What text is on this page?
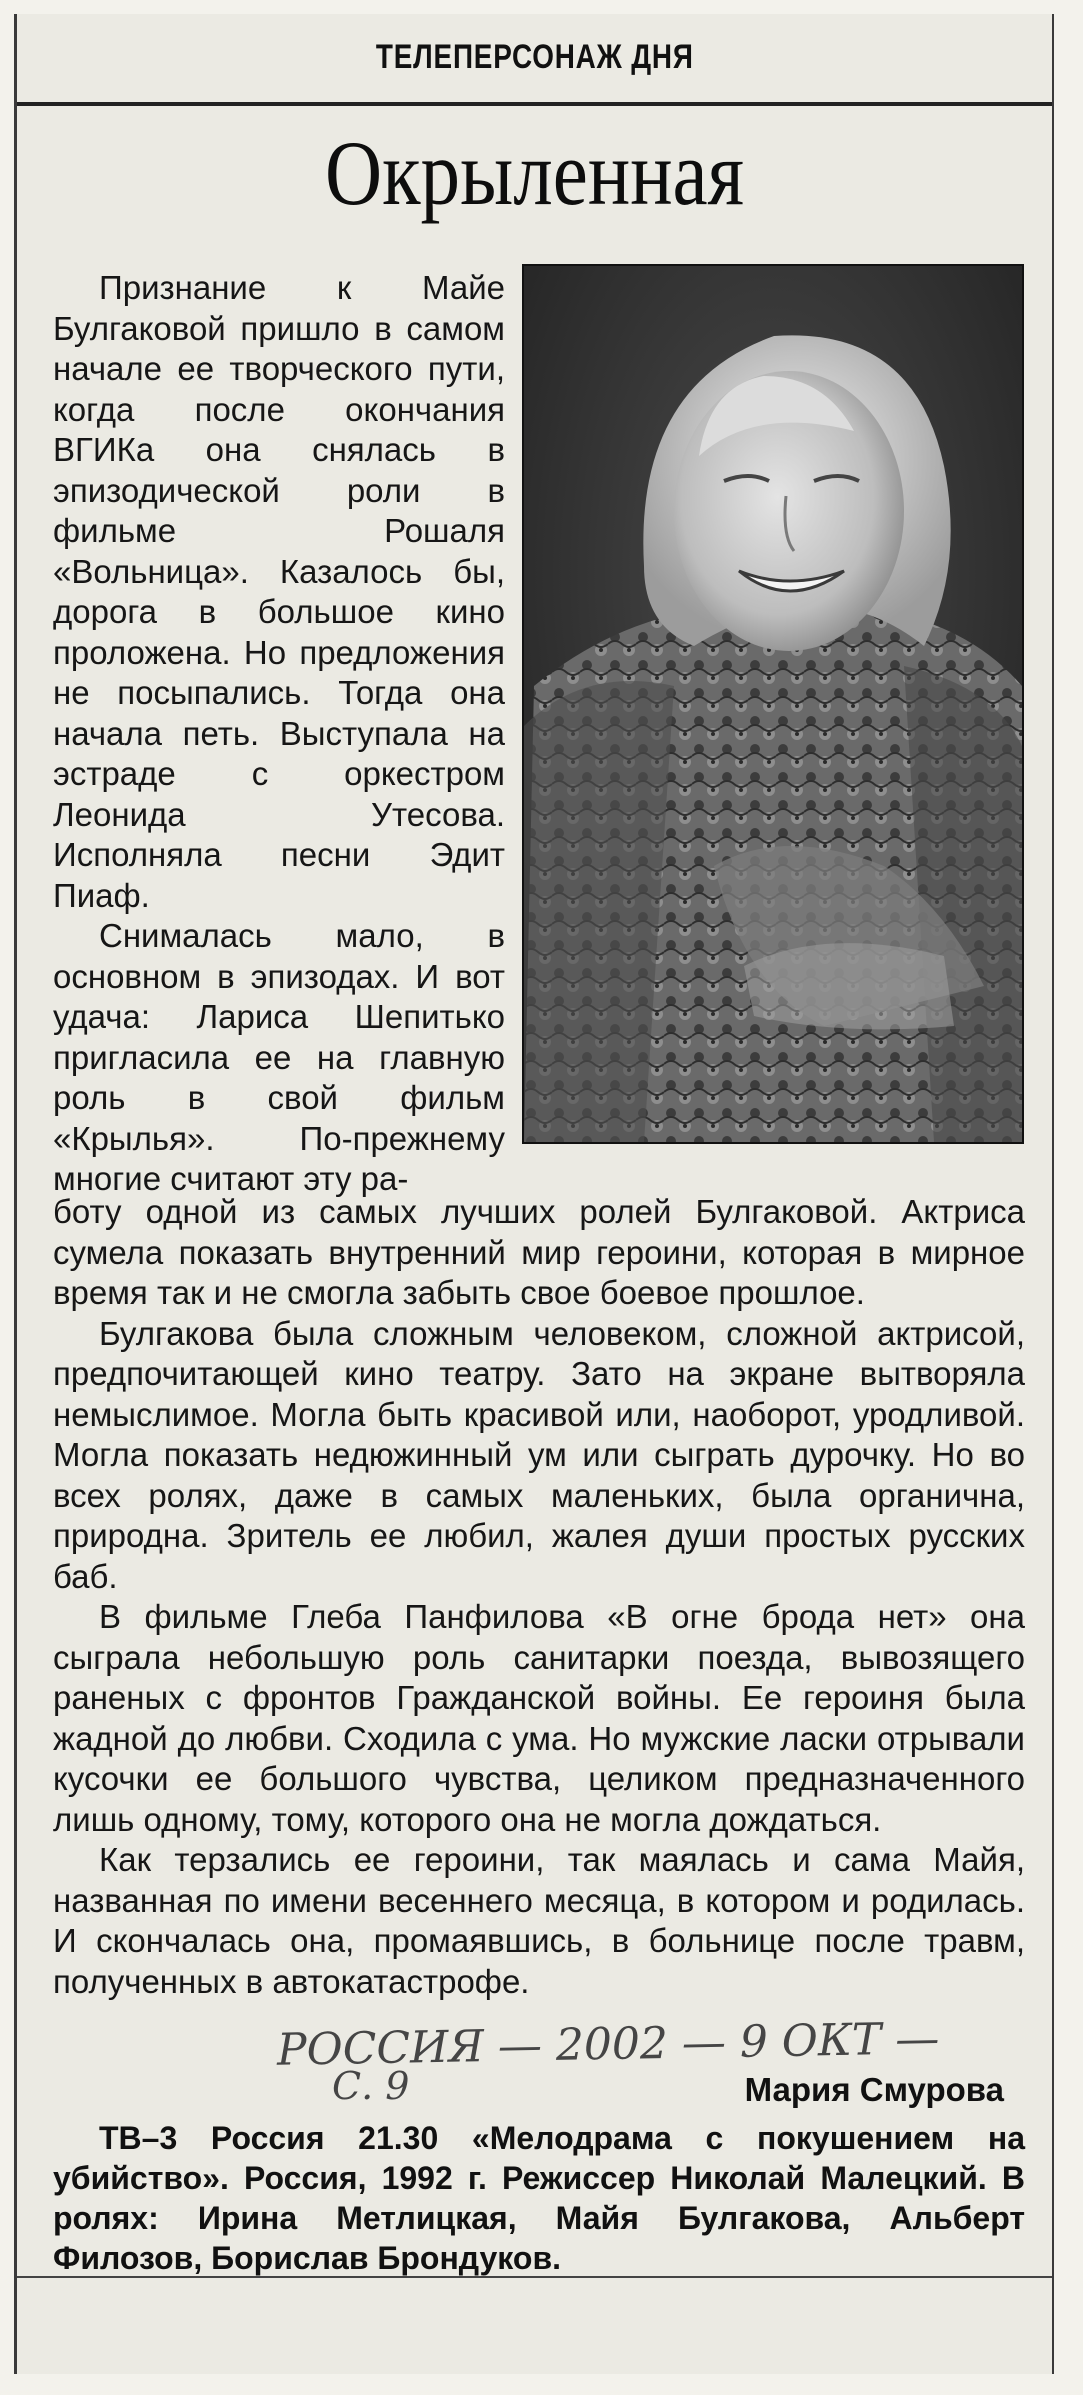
ТЕЛЕПЕРСОНАЖ ДНЯ
Окрыленная

Признание к Майе Булгаковой пришло в самом начале ее творческого пути, когда после окончания ВГИКа она снялась в эпизодической роли в фильме Рошаля «Вольница». Казалось бы, дорога в большое кино проложена. Но предложения не посыпались. Тогда она начала петь. Выступала на эстраде с оркестром Леонида Утесова. Исполняла песни Эдит Пиаф.

Снималась мало, в основном в эпизодах. И вот удача: Лариса Шепитько пригласила ее на главную роль в свой фильм «Крылья». По-прежнему многие считают эту ра-

боту одной из самых лучших ролей Булгаковой. Актриса сумела показать внутренний мир героини, которая в мирное время так и не смогла забыть свое боевое прошлое.

Булгакова была сложным человеком, сложной актрисой, предпочитающей кино театру. Зато на экране вытворяла немыслимое. Могла быть красивой или, наоборот, уродливой. Могла показать недюжинный ум или сыграть дурочку. Но во всех ролях, даже в самых маленьких, была органична, природна. Зритель ее любил, жалея души простых русских баб.

В фильме Глеба Панфилова «В огне брода нет» она сыграла небольшую роль санитарки поезда, вывозящего раненых с фронтов Гражданской войны. Ее героиня была жадной до любви. Сходила с ума. Но мужские ласки отрывали кусочки ее большого чувства, целиком предназначенного лишь одному, тому, которого она не могла дождаться.

Как терзались ее героини, так маялась и сама Майя, названная по имени весеннего месяца, в котором и родилась. И скончалась она, промаявшись, в больнице после травм, полученных в автокатастрофе.

РОССИЯ — 2002 — 9 ОКТ —
С. 9	Мария Смурова

ТВ–3 Россия 21.30 «Мелодрама с покушением на убийство». Россия, 1992 г. Режиссер Николай Малецкий. В ролях: Ирина Метлицкая, Майя Булгакова, Альберт Филозов, Борислав Брондуков.
